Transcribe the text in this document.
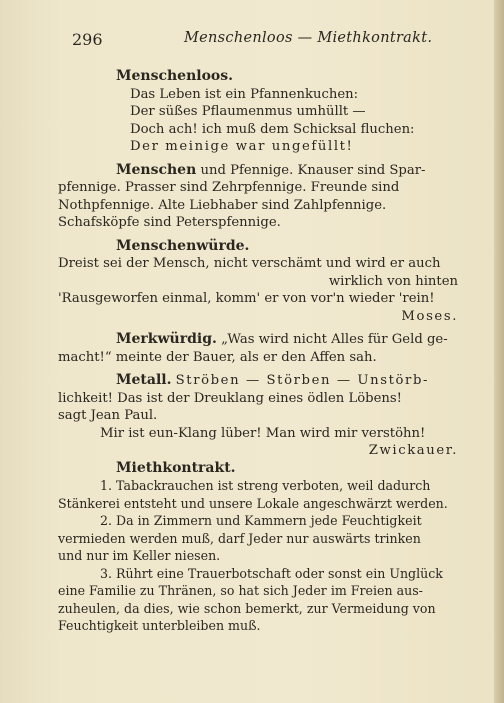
296	Menschenloos — Miethkontrakt.
Menschenloos.
Das Leben ist ein Pfannenkuchen:
Der süßes Pflaumenmus umhüllt —
Doch ach! ich muß dem Schicksal fluchen:
Der meinige war ungefüllt!
Menschen und Pfennige. Knauser sind Spar-
pfennige. Prasser sind Zehrpfennige. Freunde sind
Nothpfennige. Alte Liebhaber sind Zahlpfennige.
Schafsköpfe sind Peterspfennige.
Menschenwürde.
Dreist sei der Mensch, nicht verschämt und wird er auch
wirklich von hinten
'Rausgeworfen einmal, komm' er von vor'n wieder 'rein!
Moses.
Merkwürdig. „Was wird nicht Alles für Geld ge-
macht!“ meinte der Bauer, als er den Affen sah.
Metall. Ströben — Störben — Unstörb-
lichkeit! Das ist der Dreuklang eines ödlen Löbens!
sagt Jean Paul.
Mir ist eun-Klang lüber! Man wird mir verstöhn!
Zwickauer.
Miethkontrakt.
1. Tabackrauchen ist streng verboten, weil dadurch
Stänkerei entsteht und unsere Lokale angeschwärzt werden.
2. Da in Zimmern und Kammern jede Feuchtigkeit
vermieden werden muß, darf Jeder nur auswärts trinken
und nur im Keller niesen.
3. Rührt eine Trauerbotschaft oder sonst ein Unglück
eine Familie zu Thränen, so hat sich Jeder im Freien aus-
zuheulen, da dies, wie schon bemerkt, zur Vermeidung von
Feuchtigkeit unterbleiben muß.
